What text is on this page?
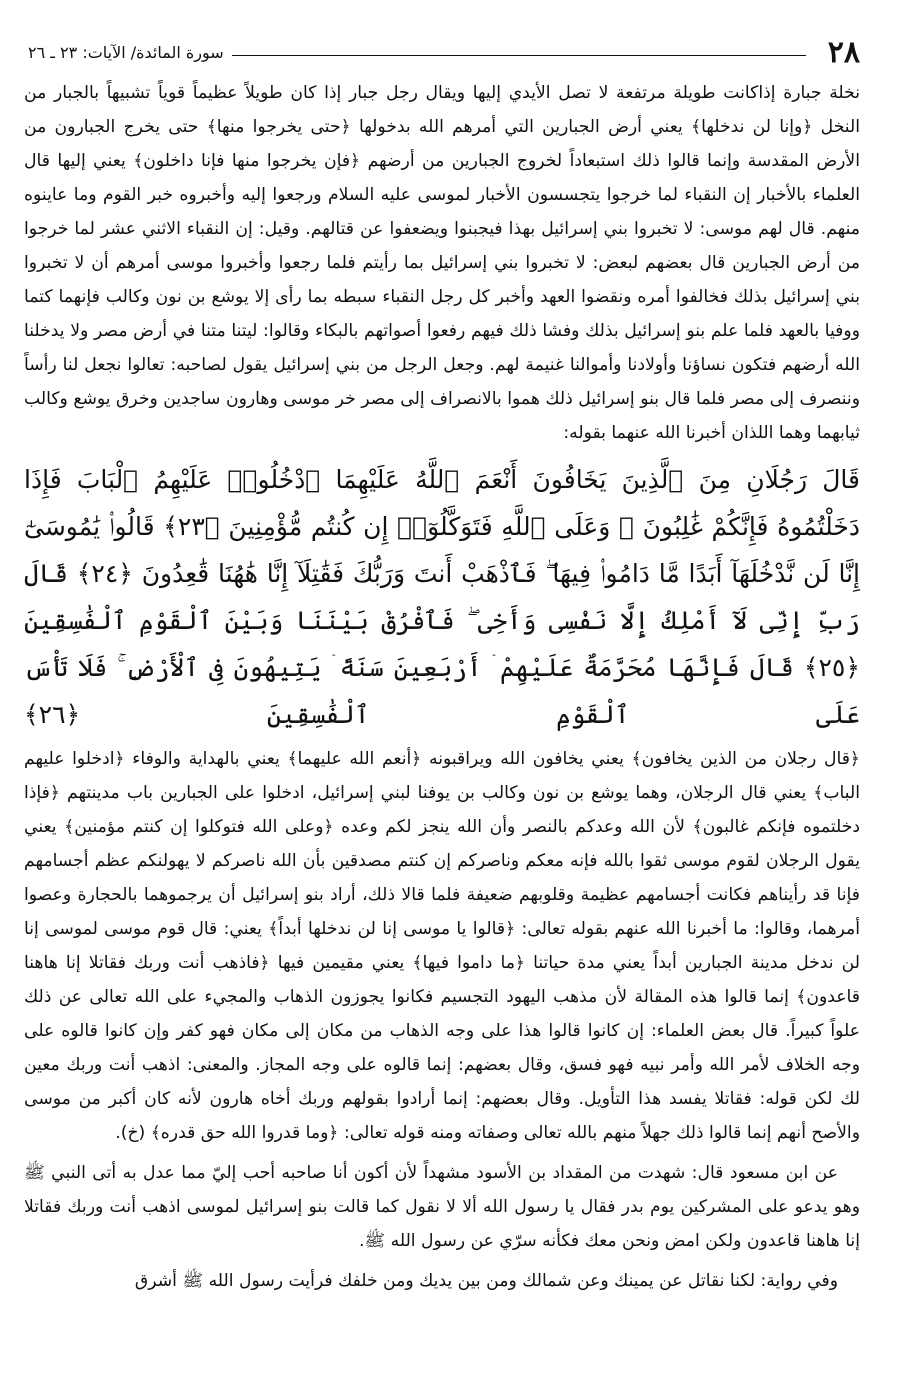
٢٨
سورة المائدة/ الآيات: ٢٣ ـ ٢٦

نخلة جبارة إذاكانت طويلة مرتفعة لا تصل الأيدي إليها ويقال رجل جبار إذا كان طويلاً عظيماً قوياً تشبيهاً بالجبار من النخل ﴿وإنا لن ندخلها﴾ يعني أرض الجبارين التي أمرهم الله بدخولها ﴿حتى يخرجوا منها﴾ حتى يخرج الجبارون من الأرض المقدسة وإنما قالوا ذلك استبعاداً لخروج الجبارين من أرضهم ﴿فإن يخرجوا منها فإنا داخلون﴾ يعني إليها قال العلماء بالأخبار إن النقباء لما خرجوا يتجسسون الأخبار لموسى عليه السلام ورجعوا إليه وأخبروه خبر القوم وما عاينوه منهم. قال لهم موسى: لا تخبروا بني إسرائيل بهذا فيجبنوا ويضعفوا عن قتالهم. وقيل: إن النقباء الاثني عشر لما خرجوا من أرض الجبارين قال بعضهم لبعض: لا تخبروا بني إسرائيل بما رأيتم فلما رجعوا وأخبروا موسى أمرهم أن لا تخبروا بني إسرائيل بذلك فخالفوا أمره ونقضوا العهد وأخبر كل رجل النقباء سبطه بما رأى إلا يوشع بن نون وكالب فإنهما كتما ووفيا بالعهد فلما علم بنو إسرائيل بذلك وفشا ذلك فيهم رفعوا أصواتهم بالبكاء وقالوا: ليتنا متنا في أرض مصر ولا يدخلنا الله أرضهم فتكون نساؤنا وأولادنا وأموالنا غنيمة لهم. وجعل الرجل من بني إسرائيل يقول لصاحبه: تعالوا نجعل لنا رأساً وننصرف إلى مصر فلما قال بنو إسرائيل ذلك هموا بالانصراف إلى مصر خر موسى وهارون ساجدين وخرق يوشع وكالب ثيابهما وهما اللذان أخبرنا الله عنهما بقوله:

قَالَ رَجُلَانِ مِنَ ٱلَّذِينَ يَخَافُونَ أَنْعَمَ ٱللَّهُ عَلَيْهِمَا ٱدْخُلُوا۟ عَلَيْهِمُ ٱلْبَابَ فَإِذَا دَخَلْتُمُوهُ فَإِنَّكُمْ غَٰلِبُونَ ۚ وَعَلَى ٱللَّهِ فَتَوَكَّلُوٓا۟ إِن كُنتُم مُّؤْمِنِينَ ﴿٢٣﴾ قَالُوا۟ يَٰمُوسَىٰٓ إِنَّا لَن نَّدْخُلَهَآ أَبَدًا مَّا دَامُوا۟ فِيهَا ۖ فَٱذْهَبْ أَنتَ وَرَبُّكَ فَقَٰتِلَآ إِنَّا هَٰهُنَا قَٰعِدُونَ ﴿٢٤﴾ قَالَ رَبِّ إِنِّى لَآ أَمْلِكُ إِلَّا نَفْسِى وَأَخِى ۖ فَٱفْرُقْ بَيْنَنَا وَبَيْنَ ٱلْقَوْمِ ٱلْفَٰسِقِينَ ﴿٢٥﴾ قَالَ فَإِنَّهَا مُحَرَّمَةٌ عَلَيْهِمْ ۛ أَرْبَعِينَ سَنَةً ۛ يَتِيهُونَ فِى ٱلْأَرْضِ ۚ فَلَا تَأْسَ عَلَى ٱلْقَوْمِ ٱلْفَٰسِقِينَ ﴿٢٦﴾

﴿قال رجلان من الذين يخافون﴾ يعني يخافون الله ويراقبونه ﴿أنعم الله عليهما﴾ يعني بالهداية والوفاء ﴿ادخلوا عليهم الباب﴾ يعني قال الرجلان، وهما يوشع بن نون وكالب بن يوفنا لبني إسرائيل، ادخلوا على الجبارين باب مدينتهم ﴿فإذا دخلتموه فإنكم غالبون﴾ لأن الله وعدكم بالنصر وأن الله ينجز لكم وعده ﴿وعلى الله فتوكلوا إن كنتم مؤمنين﴾ يعني يقول الرجلان لقوم موسى ثقوا بالله فإنه معكم وناصركم إن كنتم مصدقين بأن الله ناصركم لا يهولنكم عظم أجسامهم فإنا قد رأيناهم فكانت أجسامهم عظيمة وقلوبهم ضعيفة فلما قالا ذلك، أراد بنو إسرائيل أن يرجموهما بالحجارة وعصوا أمرهما، وقالوا: ما أخبرنا الله عنهم بقوله تعالى: ﴿قالوا يا موسى إنا لن ندخلها أبداً﴾ يعني: قال قوم موسى لموسى إنا لن ندخل مدينة الجبارين أبداً يعني مدة حياتنا ﴿ما داموا فيها﴾ يعني مقيمين فيها ﴿فاذهب أنت وربك فقاتلا إنا هاهنا قاعدون﴾ إنما قالوا هذه المقالة لأن مذهب اليهود التجسيم فكانوا يجوزون الذهاب والمجيء على الله تعالى عن ذلك علواً كبيراً. قال بعض العلماء: إن كانوا قالوا هذا على وجه الذهاب من مكان إلى مكان فهو كفر وإن كانوا قالوه على وجه الخلاف لأمر الله وأمر نبيه فهو فسق، وقال بعضهم: إنما قالوه على وجه المجاز. والمعنى: اذهب أنت وربك معين لك لكن قوله: فقاتلا يفسد هذا التأويل. وقال بعضهم: إنما أرادوا بقولهم وربك أخاه هارون لأنه كان أكبر من موسى والأصح أنهم إنما قالوا ذلك جهلاً منهم بالله تعالى وصفاته ومنه قوله تعالى: ﴿وما قدروا الله حق قدره﴾ (خ).

عن ابن مسعود قال: شهدت من المقداد بن الأسود مشهداً لأن أكون أنا صاحبه أحب إليّ مما عدل به أتى النبي ﷺ وهو يدعو على المشركين يوم بدر فقال يا رسول الله ألا لا نقول كما قالت بنو إسرائيل لموسى اذهب أنت وربك فقاتلا إنا هاهنا قاعدون ولكن امض ونحن معك فكأنه سرّي عن رسول الله ﷺ.

وفي رواية: لكنا نقاتل عن يمينك وعن شمالك ومن بين يديك ومن خلفك فرأيت رسول الله ﷺ أشرق
